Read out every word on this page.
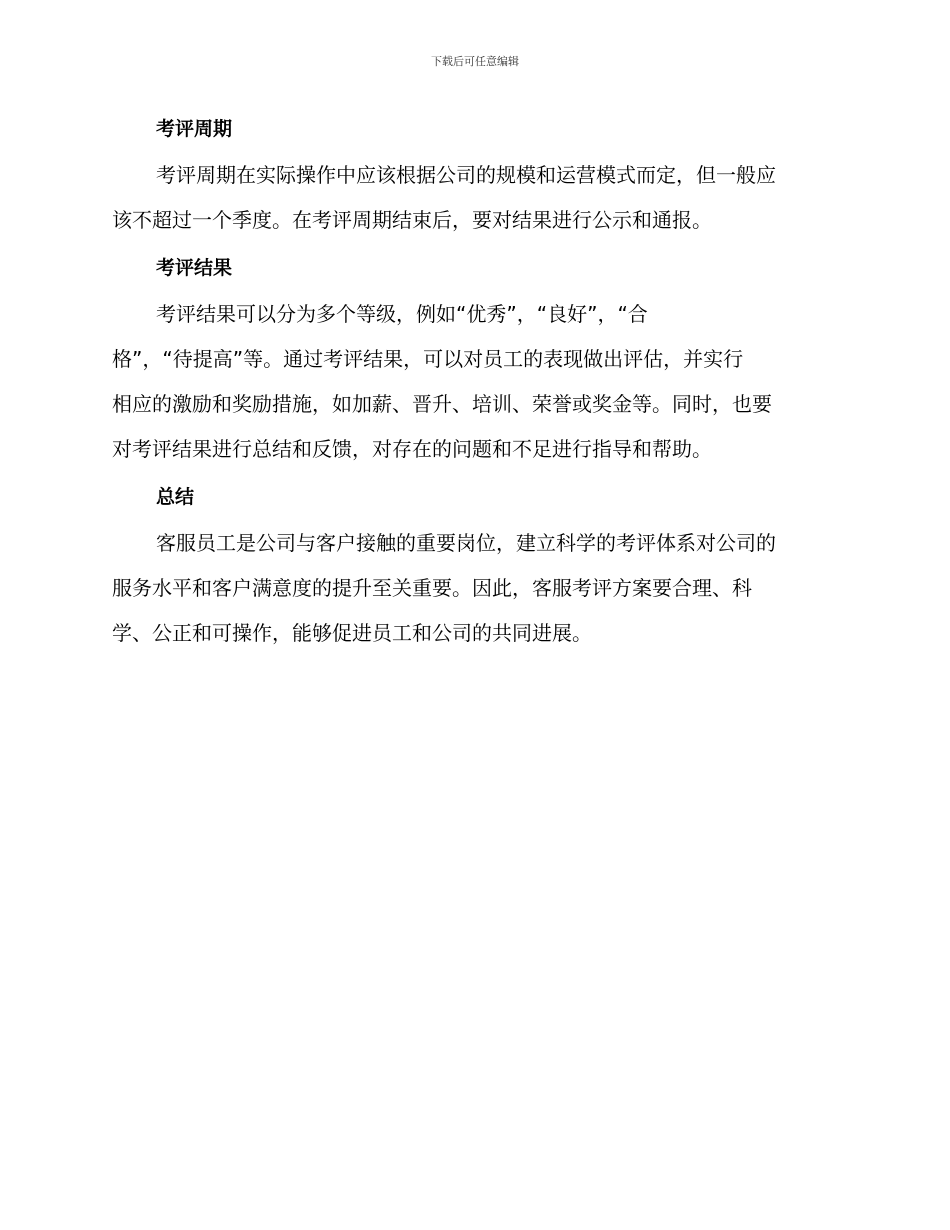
下载后可任意编辑
考评周期
考评周期在实际操作中应该根据公司的规模和运营模式而定，但一般应
该不超过一个季度。在考评周期结束后，要对结果进行公示和通报。
考评结果
考评结果可以分为多个等级，例如“优秀”，“良好”，“合
格”，“待提高”等。通过考评结果，可以对员工的表现做出评估，并实行
相应的激励和奖励措施，如加薪、晋升、培训、荣誉或奖金等。同时，也要
对考评结果进行总结和反馈，对存在的问题和不足进行指导和帮助。
总结
客服员工是公司与客户接触的重要岗位，建立科学的考评体系对公司的
服务水平和客户满意度的提升至关重要。因此，客服考评方案要合理、科
学、公正和可操作，能够促进员工和公司的共同进展。
